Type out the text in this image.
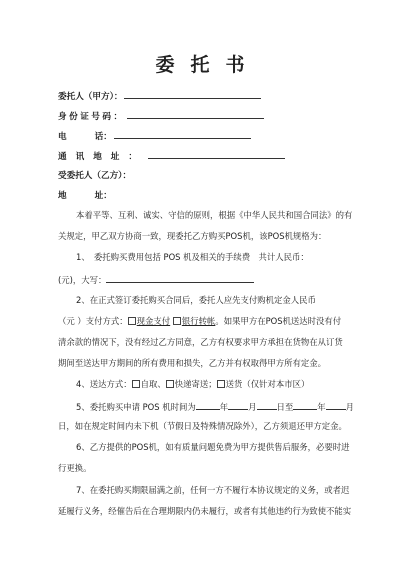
委托书
委托人（甲方）：
身份证号码：
电话：
通讯地址：
受委托人（乙方）：
地址：
本着平等、互利、诚实、守信的原则，根据《中华人民共和国合同法》的有
关规定，甲乙双方协商一致，现委托乙方购买POS机，该POS机规格为：
1、　委托购买费用包括 POS 机及相关的手续费　共计人民币：
(元)，大写：
2、在正式签订委托购买合同后，委托人应先支付购机定金人民币
（元 ）支付方式： 现金支付 银行转帐。如果甲方在POS机送达时没有付
清余款的情况下，没有经过乙方同意，乙方有权要求甲方承担在货物在从订货
期间至送达甲方期间的所有费用和损失，乙方并有权取得甲方所有定金。
4、送达方式： 自取、 快递寄送； 送货（仅针对本市区）
5、委托购买申请 POS 机时间为	年 月 日至	年 月
日，如在规定时间内未下机（节假日及特殊情况除外），乙方须退还甲方定金。
6、乙方提供的POS机，如有质量问题免费为甲方提供售后服务，必要时进
行更换。
7、在委托购买期限届满之前，任何一方不履行本协议规定的义务，或者迟
延履行义务，经催告后在合理期限内仍未履行，或者有其他违约行为致使不能实
